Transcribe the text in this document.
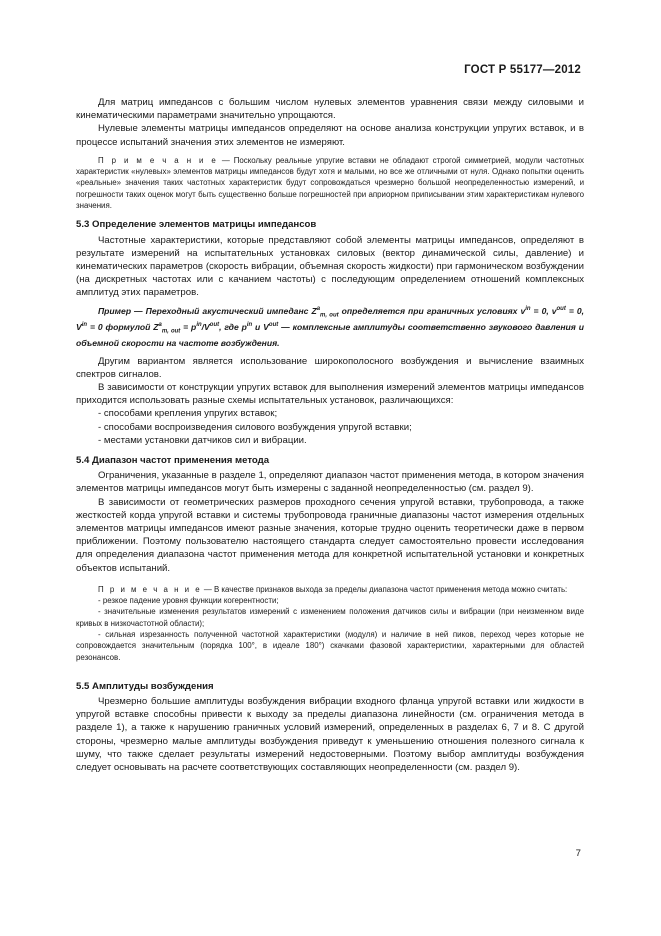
ГОСТ Р 55177—2012

Для матриц импедансов с большим числом нулевых элементов уравнения связи между силовыми и кинематическими параметрами значительно упрощаются.

Нулевые элементы матрицы импедансов определяют на основе анализа конструкции упругих вставок, и в процессе испытаний значения этих элементов не измеряют.

П р и м е ч а н и е — Поскольку реальные упругие вставки не обладают строгой симметрией, модули частотных характеристик «нулевых» элементов матрицы импедансов будут хотя и малыми, но все же отличными от нуля. Однако попытки оценить «реальные» значения таких частотных характеристик будут сопровождаться чрезмерно большой неопределенностью измерений, и погрешности таких оценок могут быть существенно больше погрешностей при априорном приписывании этим характеристикам нулевого значения.

5.3 Определение элементов матрицы импедансов

Частотные характеристики, которые представляют собой элементы матрицы импедансов, определяют в результате измерений на испытательных установках силовых (вектор динамической силы, давление) и кинематических параметров (скорость вибрации, объемная скорость жидкости) при гармоническом возбуждении (на дискретных частотах или с качанием частоты) с последующим определением отношений комплексных амплитуд этих параметров.

Пример — Переходный акустический импеданс $Z^a_{m, out}$ определяется при граничных условиях $v^{in} = 0$, $v^{out} = 0$, $V^{in} = 0$ формулой $Z^a_{m, out} = p^{in}/V^{out}$, где $p^{in}$ и $V^{out}$ — комплексные амплитуды соответственно звукового давления и объемной скорости на частоте возбуждения.

Другим вариантом является использование широкополосного возбуждения и вычисление взаимных спектров сигналов.

В зависимости от конструкции упругих вставок для выполнения измерений элементов матрицы импедансов приходится использовать разные схемы испытательных установок, различающихся:

- способами крепления упругих вставок;

- способами воспроизведения силового возбуждения упругой вставки;

- местами установки датчиков сил и вибрации.

5.4 Диапазон частот применения метода

Ограничения, указанные в разделе 1, определяют диапазон частот применения метода, в котором значения элементов матрицы импедансов могут быть измерены с заданной неопределенностью (см. раздел 9).

В зависимости от геометрических размеров проходного сечения упругой вставки, трубопровода, а также жесткостей корда упругой вставки и системы трубопровода граничные диапазоны частот измерения отдельных элементов матрицы импедансов имеют разные значения, которые трудно оценить теоретически даже в первом приближении. Поэтому пользователю настоящего стандарта следует самостоятельно провести исследования для определения диапазона частот применения метода для конкретной испытательной установки и конкретных объектов испытаний.

П р и м е ч а н и е — В качестве признаков выхода за пределы диапазона частот применения метода можно считать:

- резкое падение уровня функции когерентности;

- значительные изменения результатов измерений с изменением положения датчиков силы и вибрации (при неизменном виде кривых в низкочастотной области);

- сильная изрезанность полученной частотной характеристики (модуля) и наличие в ней пиков, переход через которые не сопровождается значительным (порядка 100°, в идеале 180°) скачками фазовой характеристики, характерными для областей резонансов.

5.5 Амплитуды возбуждения

Чрезмерно большие амплитуды возбуждения вибрации входного фланца упругой вставки или жидкости в упругой вставке способны привести к выходу за пределы диапазона линейности (см. ограничения метода в разделе 1), а также к нарушению граничных условий измерений, определенных в разделах 6, 7 и 8. С другой стороны, чрезмерно малые амплитуды возбуждения приведут к уменьшению отношения полезного сигнала к шуму, что также сделает результаты измерений недостоверными. Поэтому выбор амплитуды возбуждения следует основывать на расчете соответствующих составляющих неопределенности (см. раздел 9).

7
